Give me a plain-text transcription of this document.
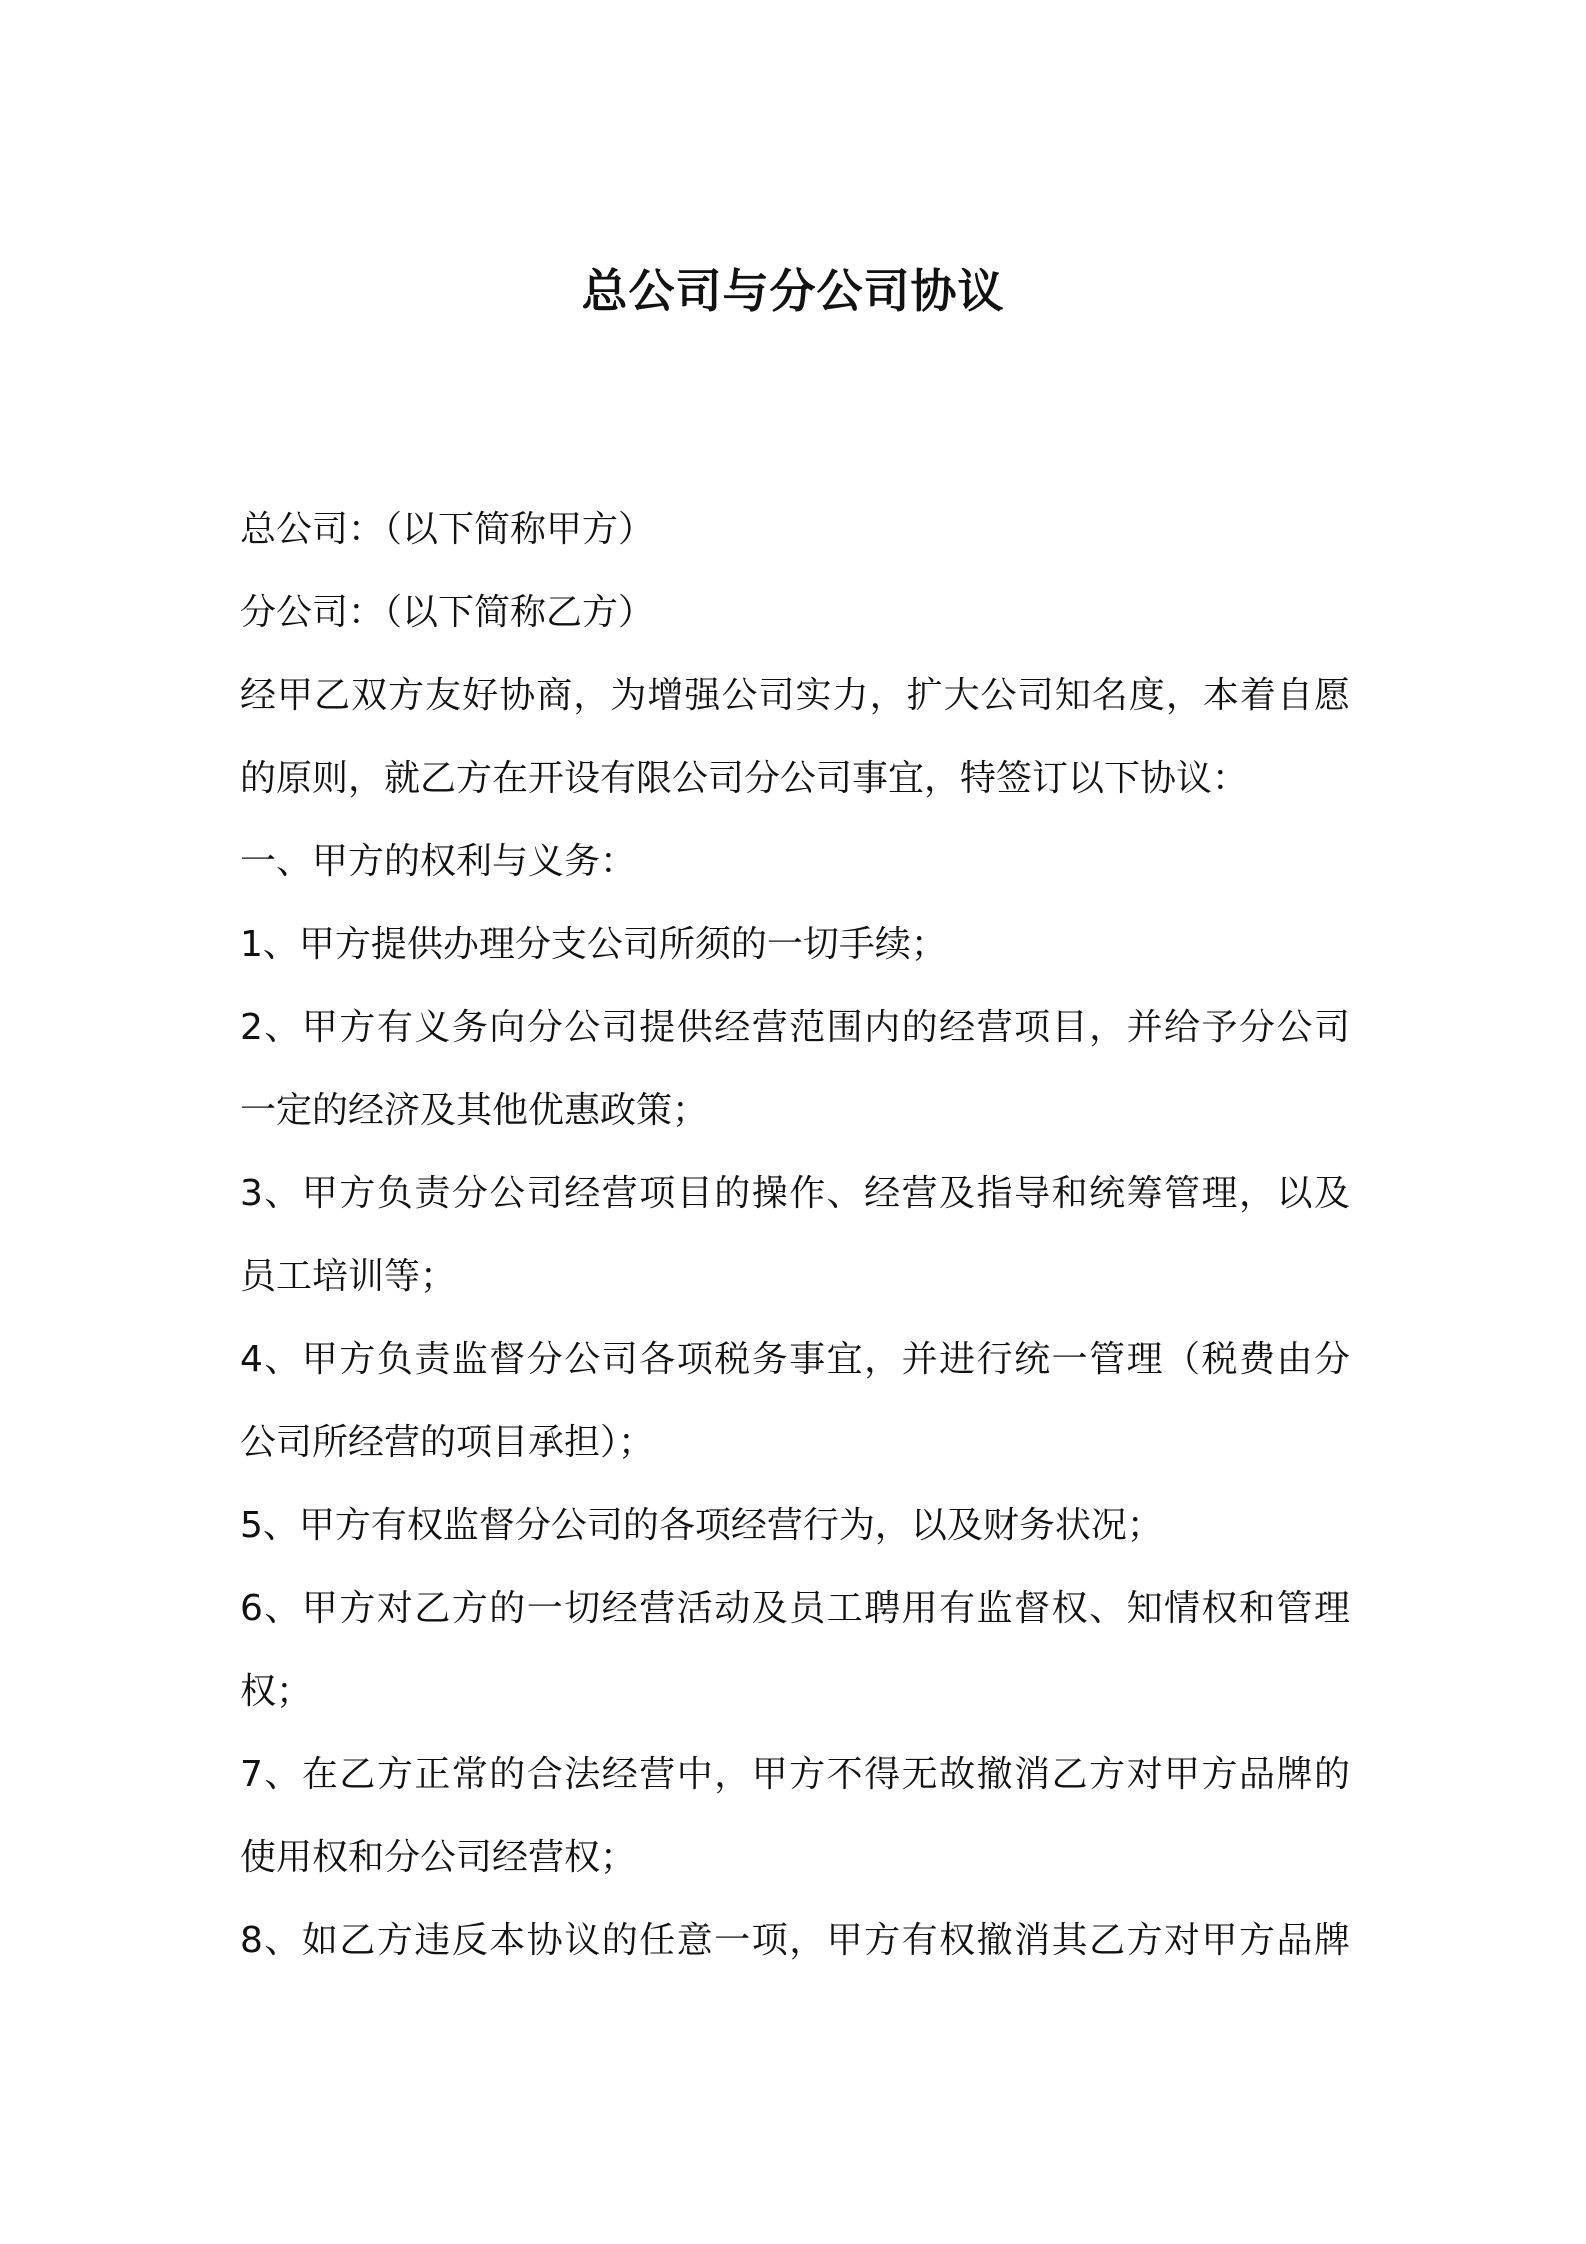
总公司与分公司协议
总公司：（以下简称甲方）
分公司：（以下简称乙方）
经甲乙双方友好协商，为增强公司实力，扩大公司知名度，本着自愿
的原则，就乙方在开设有限公司分公司事宜，特签订以下协议：
一、甲方的权利与义务：
1、甲方提供办理分支公司所须的一切手续；
2、甲方有义务向分公司提供经营范围内的经营项目，并给予分公司
一定的经济及其他优惠政策；
3、甲方负责分公司经营项目的操作、经营及指导和统筹管理，以及
员工培训等；
4、甲方负责监督分公司各项税务事宜，并进行统一管理（税费由分
公司所经营的项目承担）；
5、甲方有权监督分公司的各项经营行为，以及财务状况；
6、甲方对乙方的一切经营活动及员工聘用有监督权、知情权和管理
权；
7、在乙方正常的合法经营中，甲方不得无故撤消乙方对甲方品牌的
使用权和分公司经营权；
8、如乙方违反本协议的任意一项，甲方有权撤消其乙方对甲方品牌
